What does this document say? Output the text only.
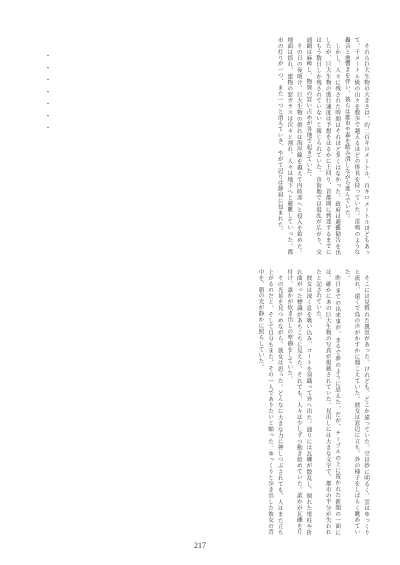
それら巨大生物の大きさは、約二百キロメートル、百キロメートルほどもあって、千メートル級の山々を数歩で越えるほどの体長を持っていた。雷鳴のような轟音と地響きを伴い、彼らは都市や森を踏み潰しながら進んでいた。

しかし、人々に残された時間はそれほど多くはなかった。政府は避難勧告を出したが、巨大生物の進行速度は予想をはるかに上回り、首都圏に到達するまでにはもう数日しか残されていないと報じられていた。市街地では混乱が広がり、交通網は麻痺し、物資の買い占めが各地で起きていた。

その日の夜明け、巨大生物の群れは海岸線を越えて内陸部へと侵入を始めた。地面は揺れ、建物の窓ガラスは次々と割れ、人々は地下へと避難していった。都市の灯りが一つ、また一つと消えていき、やがて辺りは静寂に包まれた。

・・・・・・・

そこには見慣れた風景があった。けれども、どこか違っていた。空は妙に明るく、雲はゆっくりと流れ、遠くで鳥の声がかすかに聞こえていた。彼女は窓辺に立ち、外の様子をしばらく眺めていた。

昨日までの出来事が、まるで夢のように思えた。だが、テーブルの上に置かれた新聞の一面には、確かにあの巨大生物の写真が掲載されていた。見出しには大きな文字で、都市の半分が失われたと記されていた。

彼女は深く息を吸い込み、コートを羽織って外へ出た。通りには瓦礫が散乱し、倒れた電柱や折れ曲がった標識があちこちに見えた。それでも、人々は少しずつ動き始めていた。誰かが瓦礫を片付け、誰かが炊き出しの準備をしていた。

その光景を見つめながら、彼女は思った。どんなに大きな力に押しつぶされても、人はまた立ち上がるのだと。そして自分もまた、その一人でありたいと願った。ゆっくりと歩き出した彼女の背中を、朝の光が静かに照らしていた。

217
